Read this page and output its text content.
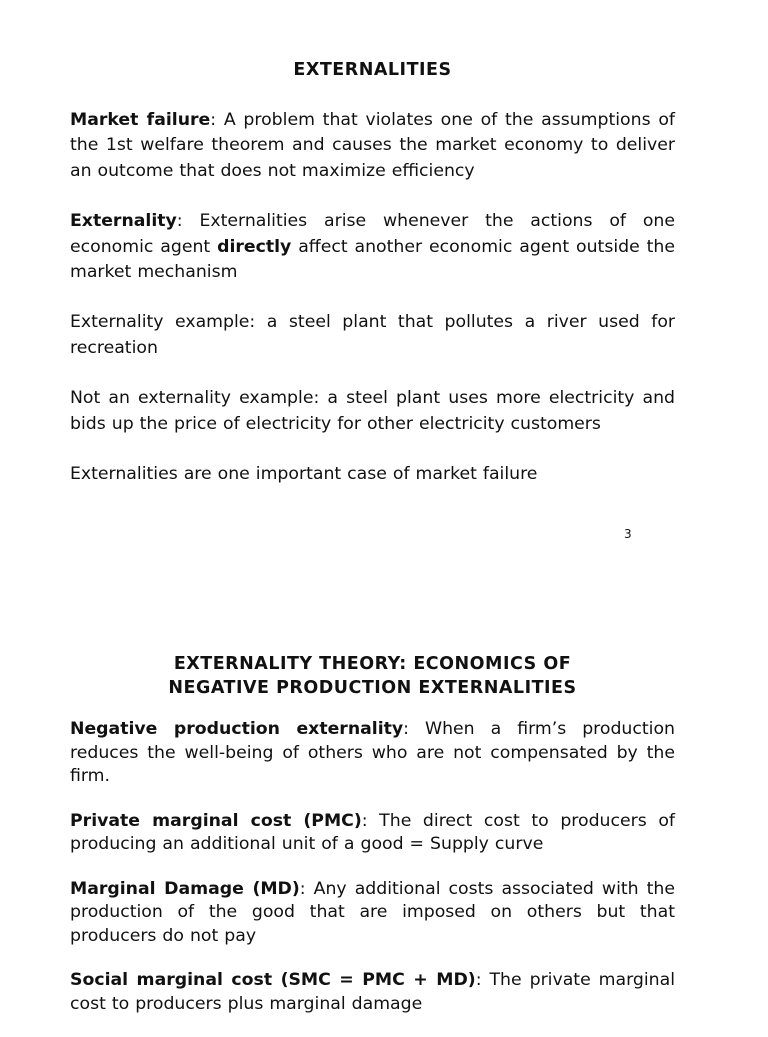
EXTERNALITIES

Market failure: A problem that violates one of the assumptions of the 1st welfare theorem and causes the market economy to deliver an outcome that does not maximize efficiency

Externality: Externalities arise whenever the actions of one economic agent directly affect another economic agent outside the market mechanism

Externality example: a steel plant that pollutes a river used for recreation

Not an externality example: a steel plant uses more electricity and bids up the price of electricity for other electricity customers

Externalities are one important case of market failure

3
EXTERNALITY THEORY: ECONOMICS OF
NEGATIVE PRODUCTION EXTERNALITIES

Negative production externality: When a firm’s production reduces the well-being of others who are not compensated by the firm.

Private marginal cost (PMC): The direct cost to producers of producing an additional unit of a good = Supply curve

Marginal Damage (MD): Any additional costs associated with the production of the good that are imposed on others but that producers do not pay

Social marginal cost (SMC = PMC + MD): The private marginal cost to producers plus marginal damage
